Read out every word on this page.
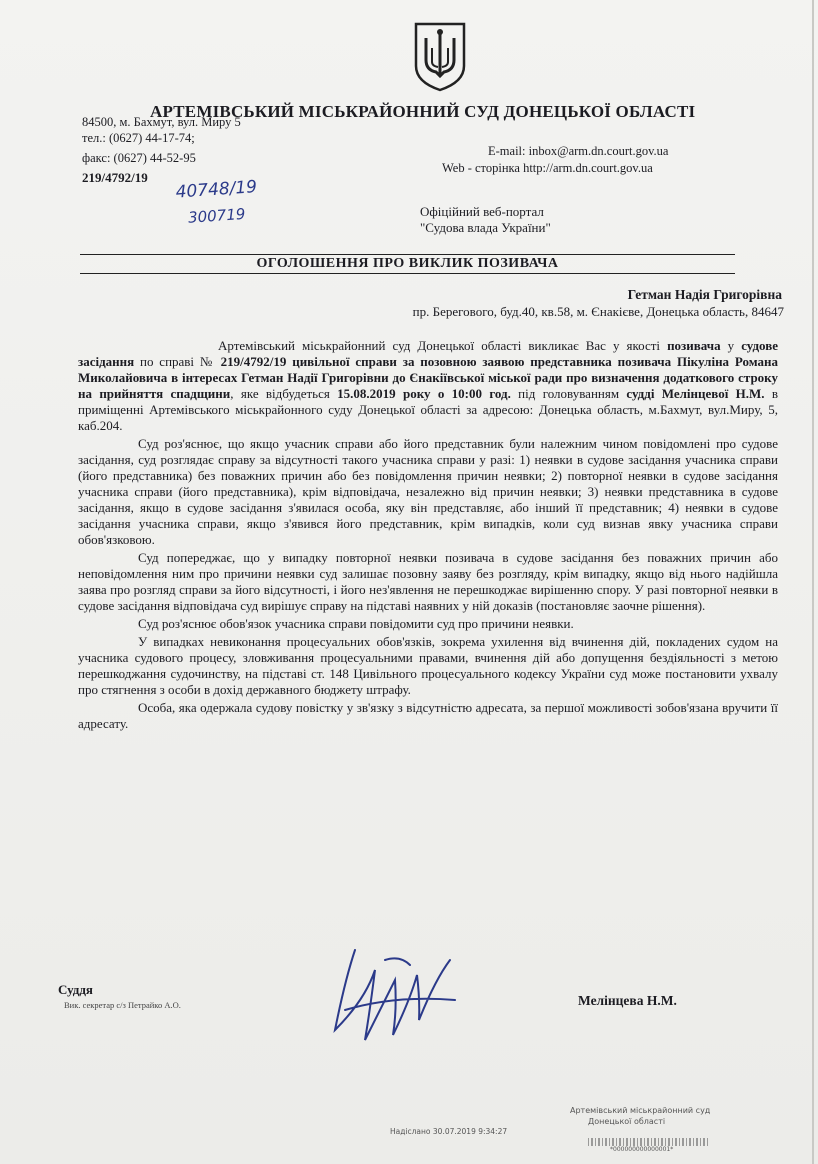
АРТЕМІВСЬКИЙ МІСЬКРАЙОННИЙ СУД ДОНЕЦЬКОЇ ОБЛАСТІ
84500, м. Бахмут, вул. Миру 5
тел.: (0627) 44-17-74;
факс: (0627) 44-52-95	E-mail: inbox@arm.dn.court.gov.ua
Web - сторінка http://arm.dn.court.gov.ua
219/4792/19 40748/19
300719	Офіційний веб-портал
"Судова влада України"
ОГОЛОШЕННЯ ПРО ВИКЛИК ПОЗИВАЧА
Гетман Надія Григорівна
пр. Берегового, буд.40, кв.58, м. Єнакієве, Донецька область, 84647

Артемівський міськрайонний суд Донецької області викликає Вас у якості позивача у судове засідання по справі № 219/4792/19 цивільної справи за позовною заявою представника позивача Пікуліна Романа Миколайовича в інтересах Гетман Надії Григорівни до Єнакіївської міської ради про визначення додаткового строку на прийняття спадщини, яке відбудеться 15.08.2019 року о 10:00 год. під головуванням судді Мелінцевої Н.М. в приміщенні Артемівського міськрайонного суду Донецької області за адресою: Донецька область, м.Бахмут, вул.Миру, 5, каб.204.

Суд роз'яснює, що якщо учасник справи або його представник були належним чином повідомлені про судове засідання, суд розглядає справу за відсутності такого учасника справи у разі: 1) неявки в судове засідання учасника справи (його представника) без поважних причин або без повідомлення причин неявки; 2) повторної неявки в судове засідання учасника справи (його представника), крім відповідача, незалежно від причин неявки; 3) неявки представника в судове засідання, якщо в судове засідання з'явилася особа, яку він представляє, або інший її представник; 4) неявки в судове засідання учасника справи, якщо з'явився його представник, крім випадків, коли суд визнав явку учасника справи обов'язковою.

Суд попереджає, що у випадку повторної неявки позивача в судове засідання без поважних причин або неповідомлення ним про причини неявки суд залишає позовну заяву без розгляду, крім випадку, якщо від нього надійшла заява про розгляд справи за його відсутності, і його нез'явлення не перешкоджає вирішенню спору. У разі повторної неявки в судове засідання відповідача суд вирішує справу на підставі наявних у ній доказів (постановляє заочне рішення).

Суд роз'яснює обов'язок учасника справи повідомити суд про причини неявки.

У випадках невиконання процесуальних обов'язків, зокрема ухилення від вчинення дій, покладених судом на учасника судового процесу, зловживання процесуальними правами, вчинення дій або допущення бездіяльності з метою перешкоджання судочинству, на підставі ст. 148 Цивільного процесуального кодексу України суд може постановити ухвалу про стягнення з особи в дохід державного бюджету штрафу.

Особа, яка одержала судову повістку у зв'язку з відсутністю адресата, за першої можливості зобов'язана вручити її адресату.

Суддя
Вик. секретар с/з Петрайко А.О.	Мелінцева Н.М.
Артемівський міськрайонний суд
Донецької області
Надіслано 30.07.2019 9:34:27
*000000000000001*
